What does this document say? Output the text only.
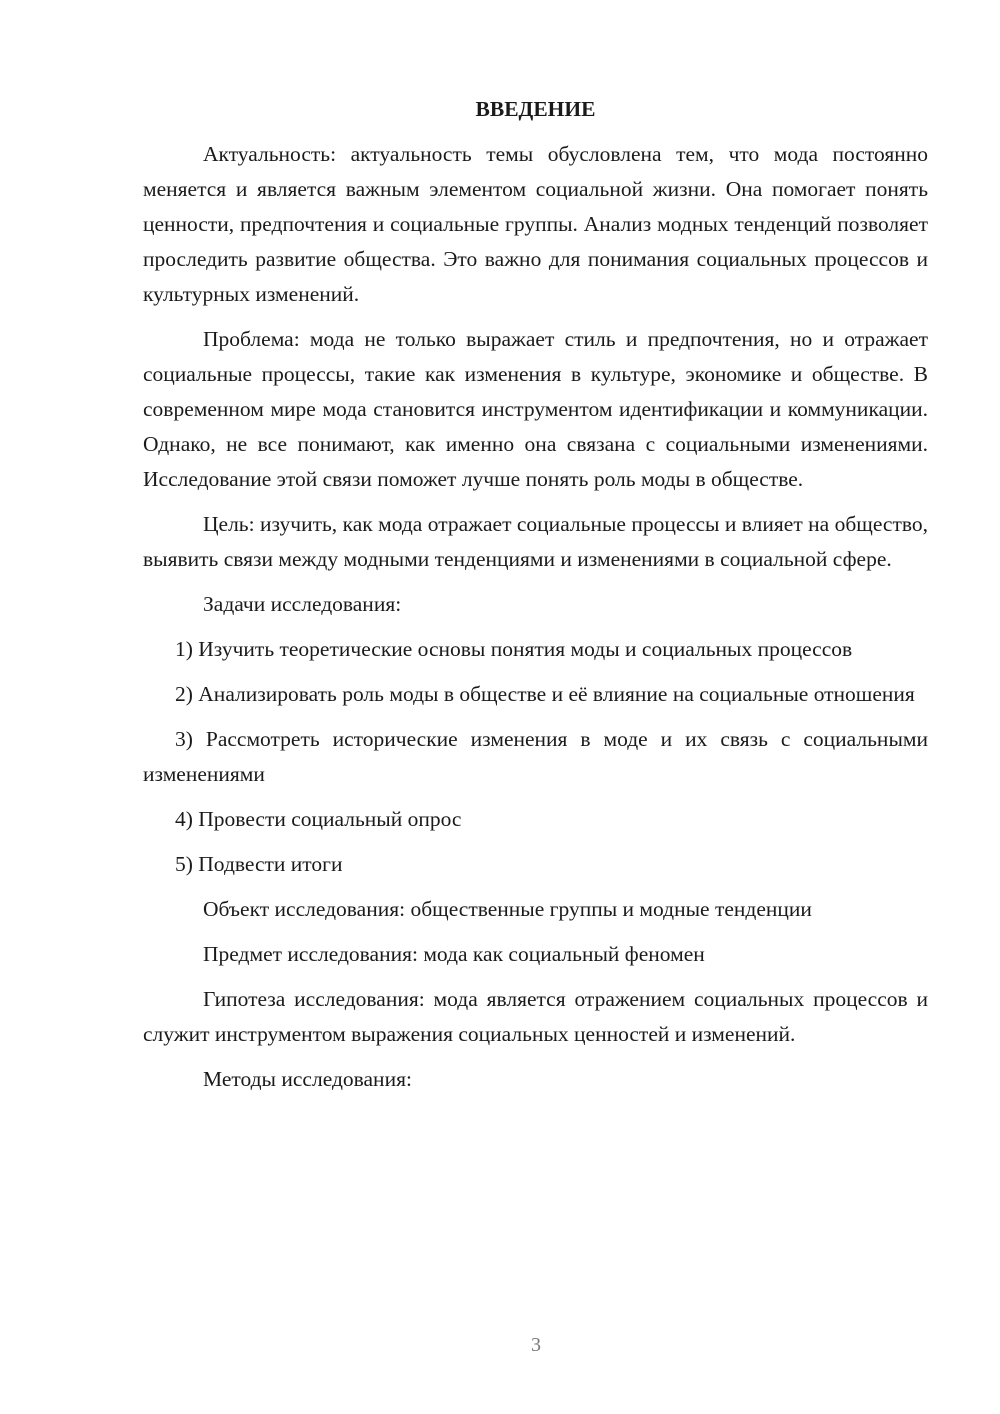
ВВЕДЕНИЕ
Актуальность: актуальность темы обусловлена тем, что мода постоянно меняется и является важным элементом социальной жизни. Она помогает понять ценности, предпочтения и социальные группы. Анализ модных тенденций позволяет проследить развитие общества. Это важно для понимания социальных процессов и культурных изменений.
Проблема: мода не только выражает стиль и предпочтения, но и отражает социальные процессы, такие как изменения в культуре, экономике и обществе. В современном мире мода становится инструментом идентификации и коммуникации. Однако, не все понимают, как именно она связана с социальными изменениями. Исследование этой связи поможет лучше понять роль моды в обществе.
Цель: изучить, как мода отражает социальные процессы и влияет на общество, выявить связи между модными тенденциями и изменениями в социальной сфере.
Задачи исследования:
1) Изучить теоретические основы понятия моды и социальных процессов
2) Анализировать роль моды в обществе и её влияние на социальные отношения
3) Рассмотреть исторические изменения в моде и их связь с социальными изменениями
4) Провести социальный опрос
5) Подвести итоги
Объект исследования: общественные группы и модные тенденции
Предмет исследования: мода как социальный феномен
Гипотеза исследования: мода является отражением социальных процессов и служит инструментом выражения социальных ценностей и изменений.
Методы исследования:
3
